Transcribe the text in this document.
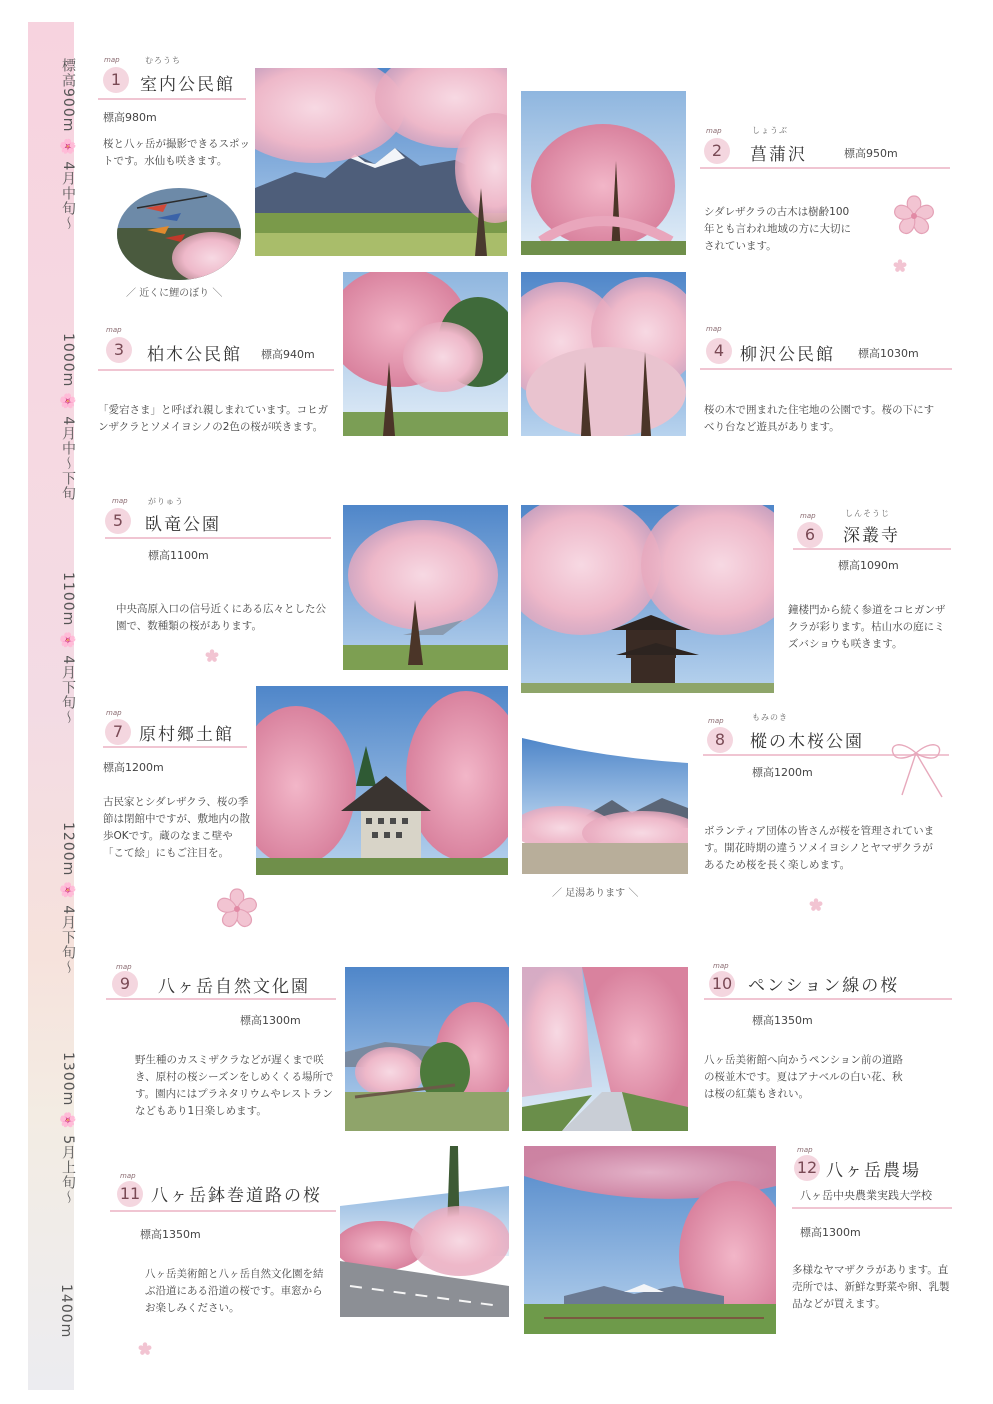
標高900m 🌸 4月中旬〜
1000m 🌸 4月中〜下旬
1100m 🌸 4月下旬〜
1200m 🌸 4月下旬〜
1300m 🌸 5月上旬〜
1400m
map	むろうち
1	室内公民館
標高980m
桜と八ヶ岳が撮影できるスポットです。水仙も咲きます。
／ 近くに鯉のぼり ＼
map	しょうぶ
2	菖蒲沢	標高950m
シダレザクラの古木は樹齢100年とも言われ地域の方に大切にされています。
map
3	柏木公民館 標高940m
「愛宕さま」と呼ばれ親しまれています。コヒガンザクラとソメイヨシノの2色の桜が咲きます。
map
4 柳沢公民館 標高1030m
桜の木で囲まれた住宅地の公園です。桜の下にすべり台など遊具があります。
map	がりゅう
5	臥竜公園
標高1100m
中央高原入口の信号近くにある広々とした公園で、数種類の桜があります。
map	しんそうじ
6	深叢寺
標高1090m
鐘楼門から続く参道をコヒガンザクラが彩ります。枯山水の庭にミズバショウも咲きます。
map
7 原村郷土館
標高1200m
古民家とシダレザクラ、桜の季節は閉館中ですが、敷地内の散歩OKです。蔵のなまこ壁や「こて絵」にもご注目を。
／ 足湯あります ＼
map	もみのき
8	樅の木桜公園
標高1200m
ボランティア団体の皆さんが桜を管理されています。開花時期の違うソメイヨシノとヤマザクラがあるため桜を長く楽しめます。
map
9	八ヶ岳自然文化園
標高1300m
野生種のカスミザクラなどが遅くまで咲き、原村の桜シーズンをしめくくる場所です。園内にはプラネタリウムやレストランなどもあり1日楽しめます。
map
10 ペンション線の桜
標高1350m
八ヶ岳美術館へ向かうペンション前の道路の桜並木です。夏はアナベルの白い花、秋は桜の紅葉もきれい。
map
11 八ヶ岳鉢巻道路の桜
標高1350m
八ヶ岳美術館と八ヶ岳自然文化園を結ぶ沿道にある沿道の桜です。車窓からお楽しみください。
map
12 八ヶ岳農場
八ヶ岳中央農業実践大学校
標高1300m
多様なヤマザクラがあります。直売所では、新鮮な野菜や卵、乳製品などが買えます。
